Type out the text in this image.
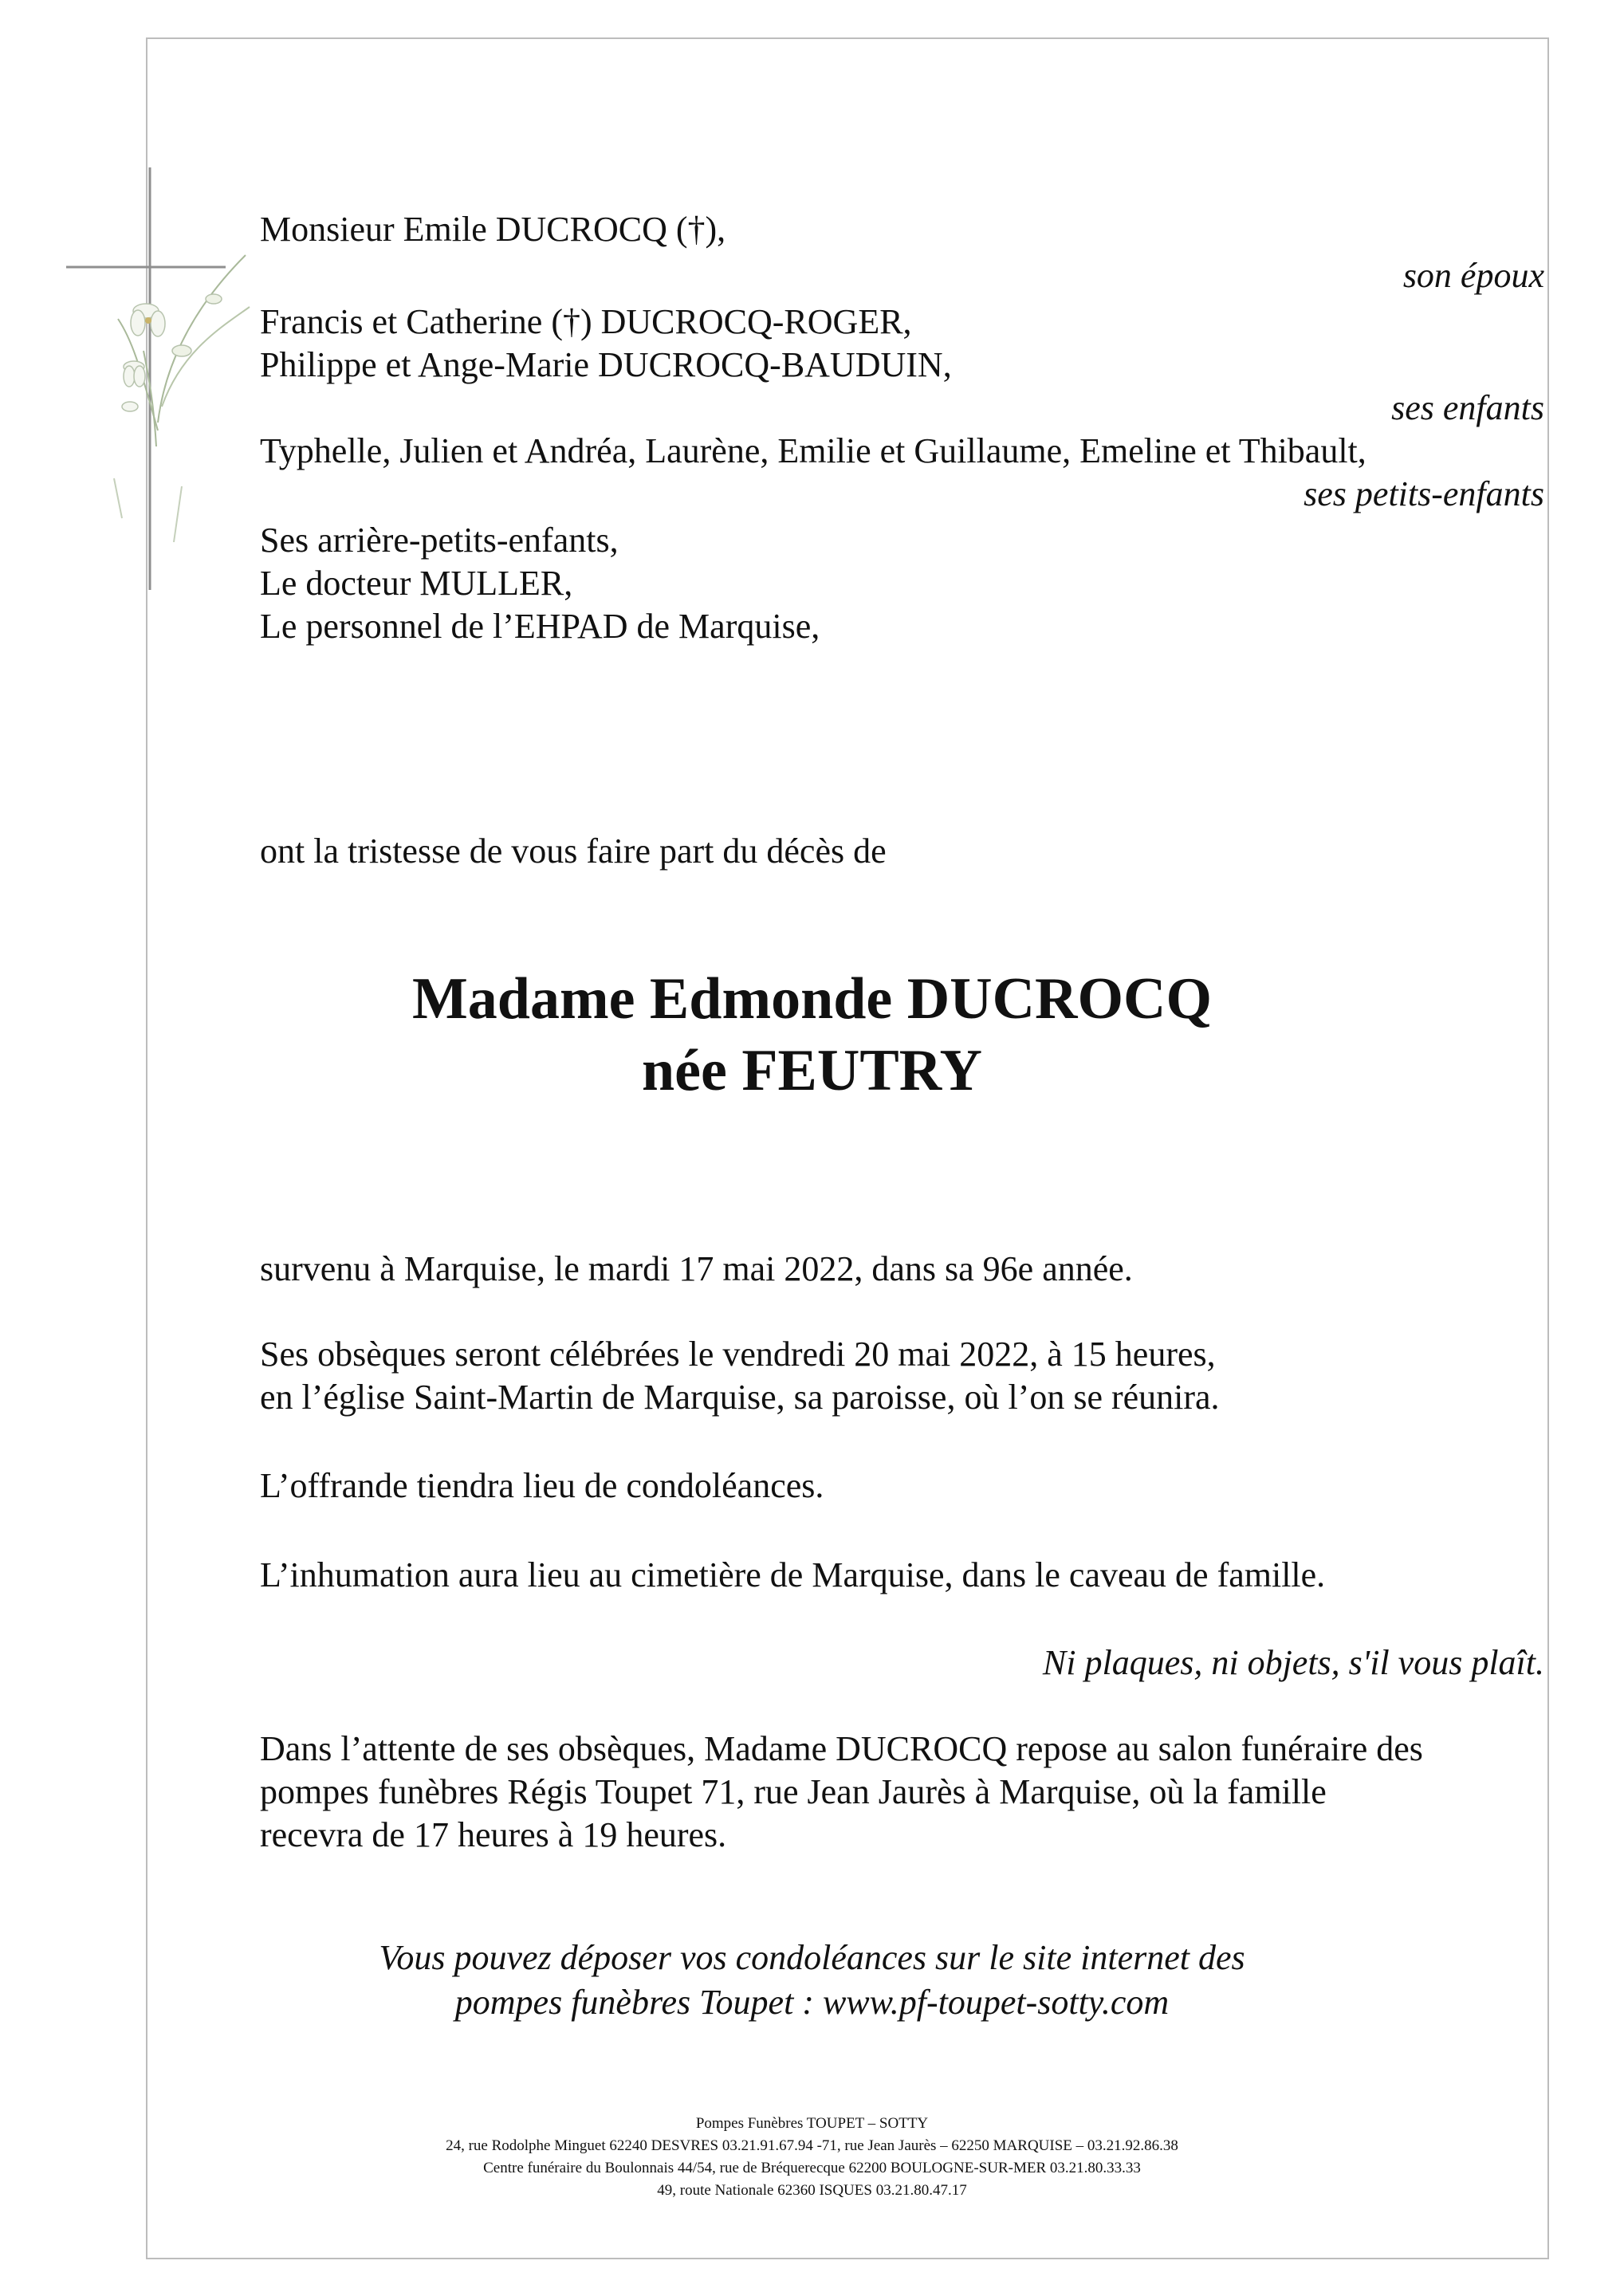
Monsieur Emile DUCROCQ (†),
son époux
Francis et Catherine (†) DUCROCQ-ROGER,
Philippe et Ange-Marie DUCROCQ-BAUDUIN,
ses enfants
Typhelle, Julien et Andréa, Laurène, Emilie et Guillaume, Emeline et Thibault,
ses petits-enfants
Ses arrière-petits-enfants,
Le docteur MULLER,
Le personnel de l’EHPAD de Marquise,
ont la tristesse de vous faire part du décès de
Madame Edmonde DUCROCQ
née FEUTRY
survenu à Marquise, le mardi 17 mai 2022, dans sa 96e année.
Ses obsèques seront célébrées le vendredi 20 mai 2022, à 15 heures,
en l’église Saint-Martin de Marquise, sa paroisse, où l’on se réunira.
L’offrande tiendra lieu de condoléances.
L’inhumation aura lieu au cimetière de Marquise, dans le caveau de famille.
Ni plaques, ni objets, s'il vous plaît.
Dans l’attente de ses obsèques, Madame DUCROCQ repose au salon funéraire des
pompes funèbres Régis Toupet 71, rue Jean Jaurès à Marquise, où la famille
recevra de 17 heures à 19 heures.
Vous pouvez déposer vos condoléances sur le site internet des
pompes funèbres Toupet : www.pf-toupet-sotty.com
Pompes Funèbres TOUPET – SOTTY
24, rue Rodolphe Minguet 62240 DESVRES 03.21.91.67.94 -71, rue Jean Jaurès – 62250 MARQUISE – 03.21.92.86.38
Centre funéraire du Boulonnais 44/54, rue de Bréquerecque 62200 BOULOGNE-SUR-MER 03.21.80.33.33
49, route Nationale 62360 ISQUES 03.21.80.47.17
